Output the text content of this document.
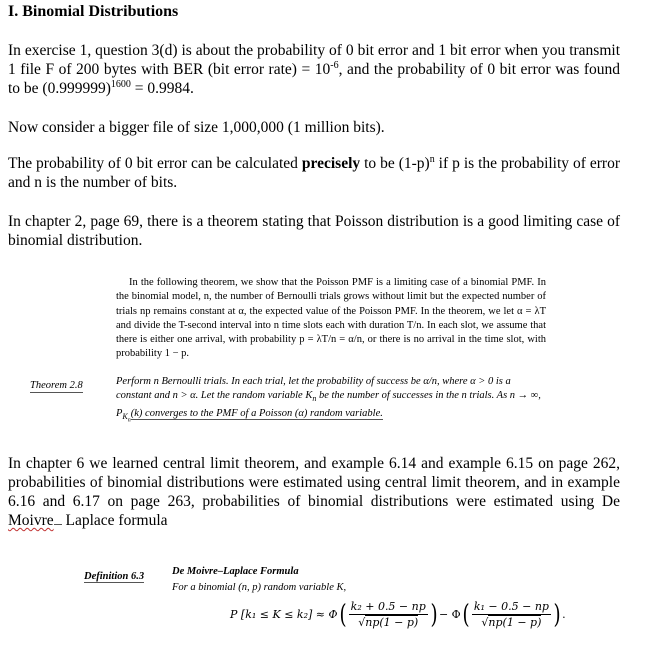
I. Binomial Distributions
In exercise 1, question 3(d) is about the probability of 0 bit error and 1 bit error when you transmit 1 file F of 200 bytes with BER (bit error rate) = $10^{-6}$, and the probability of 0 bit error was found to be $(0.999999)^{1600} = 0.9984$.
Now consider a bigger file of size 1,000,000 (1 million bits).
The probability of 0 bit error can be calculated precisely to be $(1-p)^n$ if p is the probability of error and n is the number of bits.
In chapter 2, page 69, there is a theorem stating that Poisson distribution is a good limiting case of binomial distribution.
In the following theorem, we show that the Poisson PMF is a limiting case of a binomial PMF. In the binomial model, n, the number of Bernoulli trials grows without limit but the expected number of trials np remains constant at α, the expected value of the Poisson PMF. In the theorem, we let α = λT and divide the T-second interval into n time slots each with duration T/n. In each slot, we assume that there is either one arrival, with probability p = λT/n = α/n, or there is no arrival in the time slot, with probability 1 − p.
Theorem 2.8	Perform n Bernoulli trials. In each trial, let the probability of success be α/n, where α > 0 is a constant and n > α. Let the random variable $K_n$ be the number of successes in the n trials. As n → ∞, $P_{K_n}(k)$ converges to the PMF of a Poisson (α) random variable.
In chapter 6 we learned central limit theorem, and example 6.14 and example 6.15 on page 262, probabilities of binomial distributions were estimated using central limit theorem, and in example 6.16 and 6.17 on page 263, probabilities of binomial distributions were estimated using De Moivre Laplace formula
Definition 6.3	De Moivre–Laplace Formula
For a binomial (n, p) random variable K,
P [k₁ ≤ K ≤ k₂] ≈ Φ ( $\frac{\text{k₂ + 0.5 − np}}{√np(1 - p)}$ ) − Φ ( $\frac{\text{k₁ − 0.5 − np}}{√np(1 - p)}$ ) .
